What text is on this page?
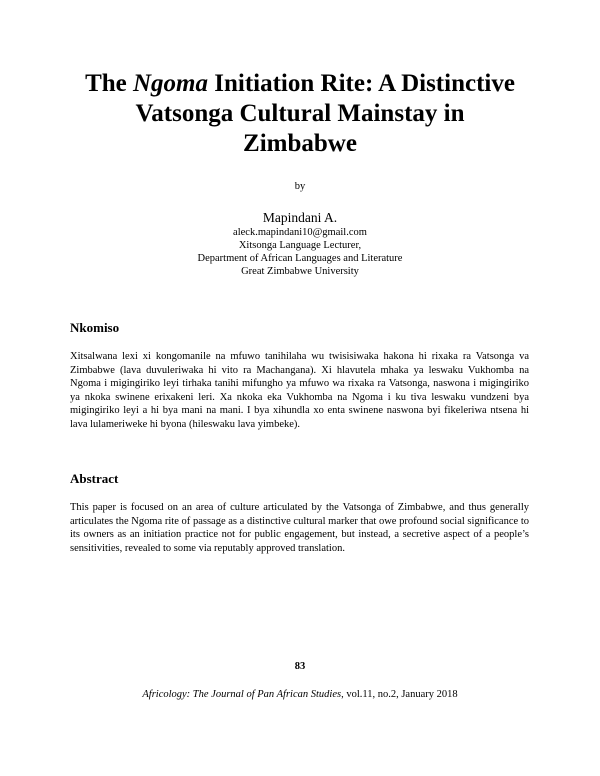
The Ngoma Initiation Rite: A Distinctive
Vatsonga Cultural Mainstay in
Zimbabwe
by
Mapindani A.
aleck.mapindani10@gmail.com
Xitsonga Language Lecturer,
Department of African Languages and Literature
Great Zimbabwe University
Nkomiso
Xitsalwana lexi xi kongomanile na mfuwo tanihilaha wu twisisiwaka hakona hi rixaka ra Vatsonga va Zimbabwe (lava duvuleriwaka hi vito ra Machangana). Xi hlavutela mhaka ya leswaku Vukhomba na Ngoma i migingiriko leyi tirhaka tanihi mifungho ya mfuwo wa rixaka ra Vatsonga, naswona i migingiriko ya nkoka swinene erixakeni leri. Xa nkoka eka Vukhomba na Ngoma i ku tiva leswaku vundzeni bya migingiriko leyi a hi bya mani na mani. I bya xihundla xo enta swinene naswona byi fikeleriwa ntsena hi lava lulameriweke hi byona (hileswaku lava yimbeke).
Abstract
This paper is focused on an area of culture articulated by the Vatsonga of Zimbabwe, and thus generally articulates the Ngoma rite of passage as a distinctive cultural marker that owe profound social significance to its owners as an initiation practice not for public engagement, but instead, a secretive aspect of a people’s sensitivities, revealed to some via reputably approved translation.
83
Africology: The Journal of Pan African Studies, vol.11, no.2, January 2018
